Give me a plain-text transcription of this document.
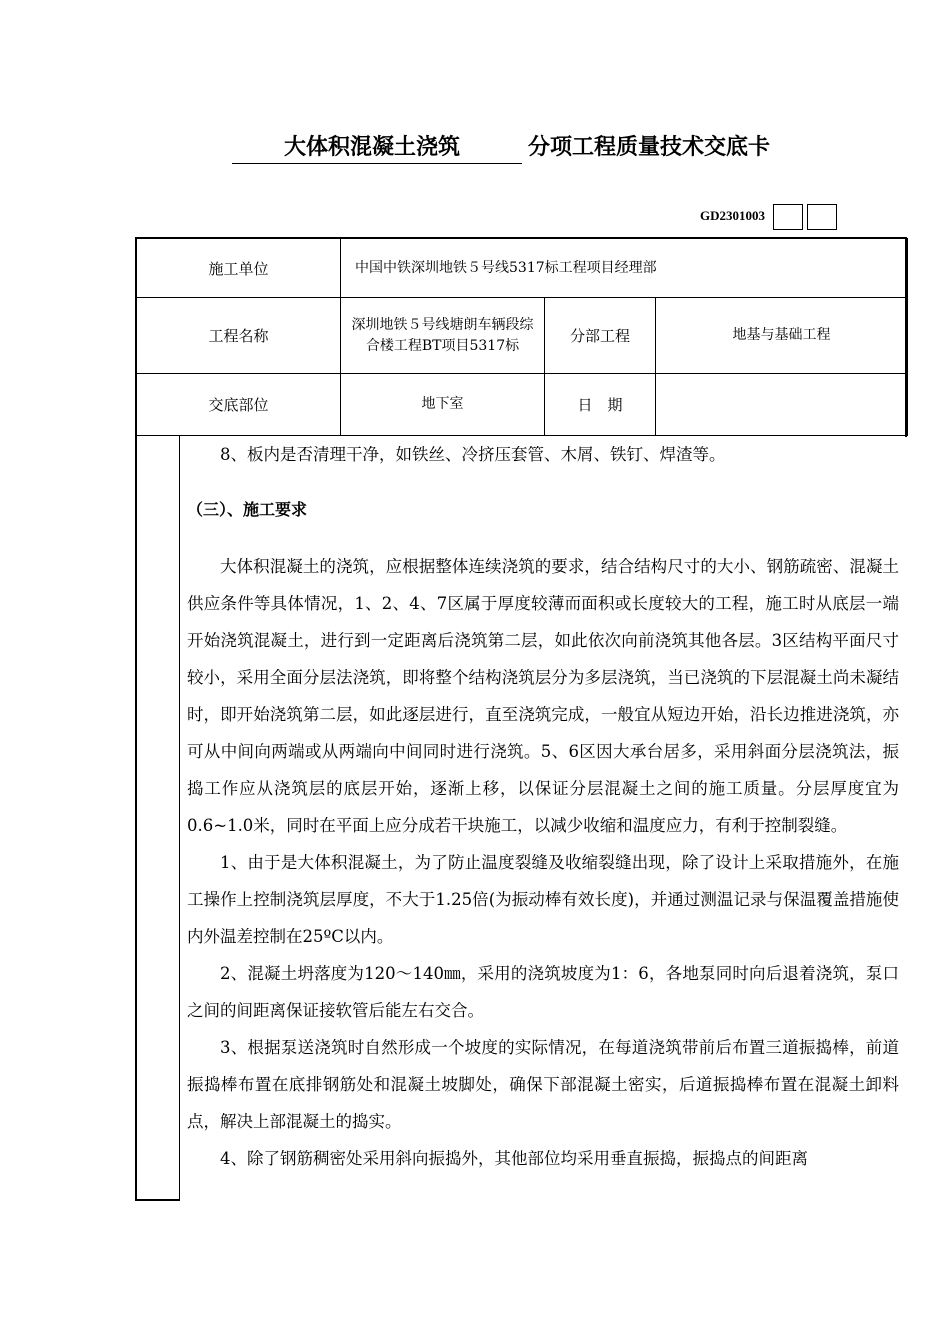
大体积混凝土浇筑	分项工程质量技术交底卡
GD2301003
施工单位	中国中铁深圳地铁５号线5317标工程项目经理部		
工程名称	深圳地铁５号线塘朗车辆段综合楼工程BT项目5317标	分部工程	地基与基础工程
交底部位	地下室	日　期	

8、板内是否清理干净，如铁丝、冷挤压套管、木屑、铁钉、焊渣等。

（三）、施工要求

大体积混凝土的浇筑，应根据整体连续浇筑的要求，结合结构尺寸的大小、钢筋疏密、混凝土供应条件等具体情况，1、2、4、7区属于厚度较薄而面积或长度较大的工程，施工时从底层一端开始浇筑混凝土，进行到一定距离后浇筑第二层，如此依次向前浇筑其他各层。3区结构平面尺寸较小，采用全面分层法浇筑，即将整个结构浇筑层分为多层浇筑，当已浇筑的下层混凝土尚未凝结时，即开始浇筑第二层，如此逐层进行，直至浇筑完成，一般宜从短边开始，沿长边推进浇筑，亦可从中间向两端或从两端向中间同时进行浇筑。5、6区因大承台居多，采用斜面分层浇筑法，振捣工作应从浇筑层的底层开始，逐渐上移，以保证分层混凝土之间的施工质量。分层厚度宜为0.6~1.0米，同时在平面上应分成若干块施工，以减少收缩和温度应力，有利于控制裂缝。

1、由于是大体积混凝土，为了防止温度裂缝及收缩裂缝出现，除了设计上采取措施外，在施工操作上控制浇筑层厚度，不大于1.25倍(为振动棒有效长度)，并通过测温记录与保温覆盖措施使内外温差控制在25ºC以内。

2、混凝土坍落度为120～140㎜，采用的浇筑坡度为1：6，各地泵同时向后退着浇筑，泵口之间的间距离保证接软管后能左右交合。

3、根据泵送浇筑时自然形成一个坡度的实际情况，在每道浇筑带前后布置三道振捣棒，前道振捣棒布置在底排钢筋处和混凝土坡脚处，确保下部混凝土密实，后道振捣棒布置在混凝土卸料点，解决上部混凝土的捣实。

4、除了钢筋稠密处采用斜向振捣外，其他部位均采用垂直振捣，振捣点的间距离
